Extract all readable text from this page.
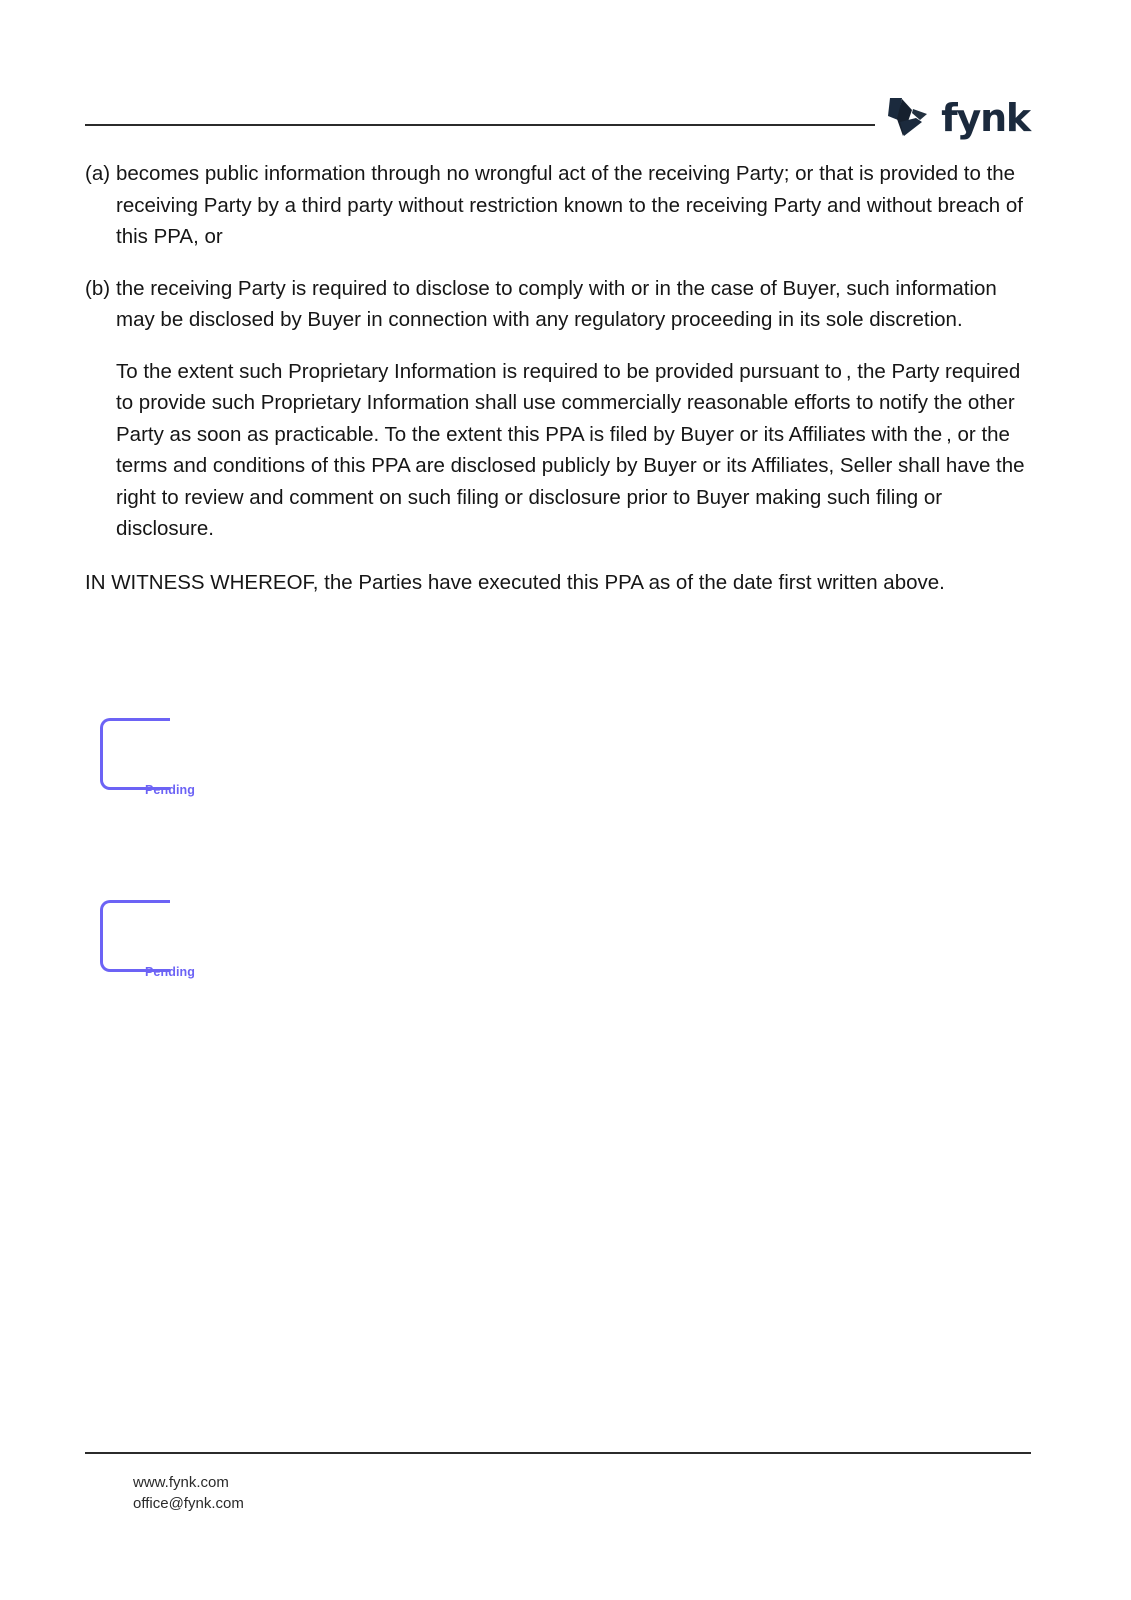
fynk
(a) becomes public information through no wrongful act of the receiving Party; or that is provided to the receiving Party by a third party without restriction known to the receiving Party and without breach of this PPA, or
(b) the receiving Party is required to disclose to comply with or in the case of Buyer, such information may be disclosed by Buyer in connection with any regulatory proceeding in its sole discretion.

To the extent such Proprietary Information is required to be provided pursuant to , the Party required to provide such Proprietary Information shall use commercially reasonable efforts to notify the other Party as soon as practicable. To the extent this PPA is filed by Buyer or its Affiliates with the , or the terms and conditions of this PPA are disclosed publicly by Buyer or its Affiliates, Seller shall have the right to review and comment on such filing or disclosure prior to Buyer making such filing or disclosure.

IN WITNESS WHEREOF, the Parties have executed this PPA as of the date first written above.

Pending
Pending
www.fynk.com
office@fynk.com
